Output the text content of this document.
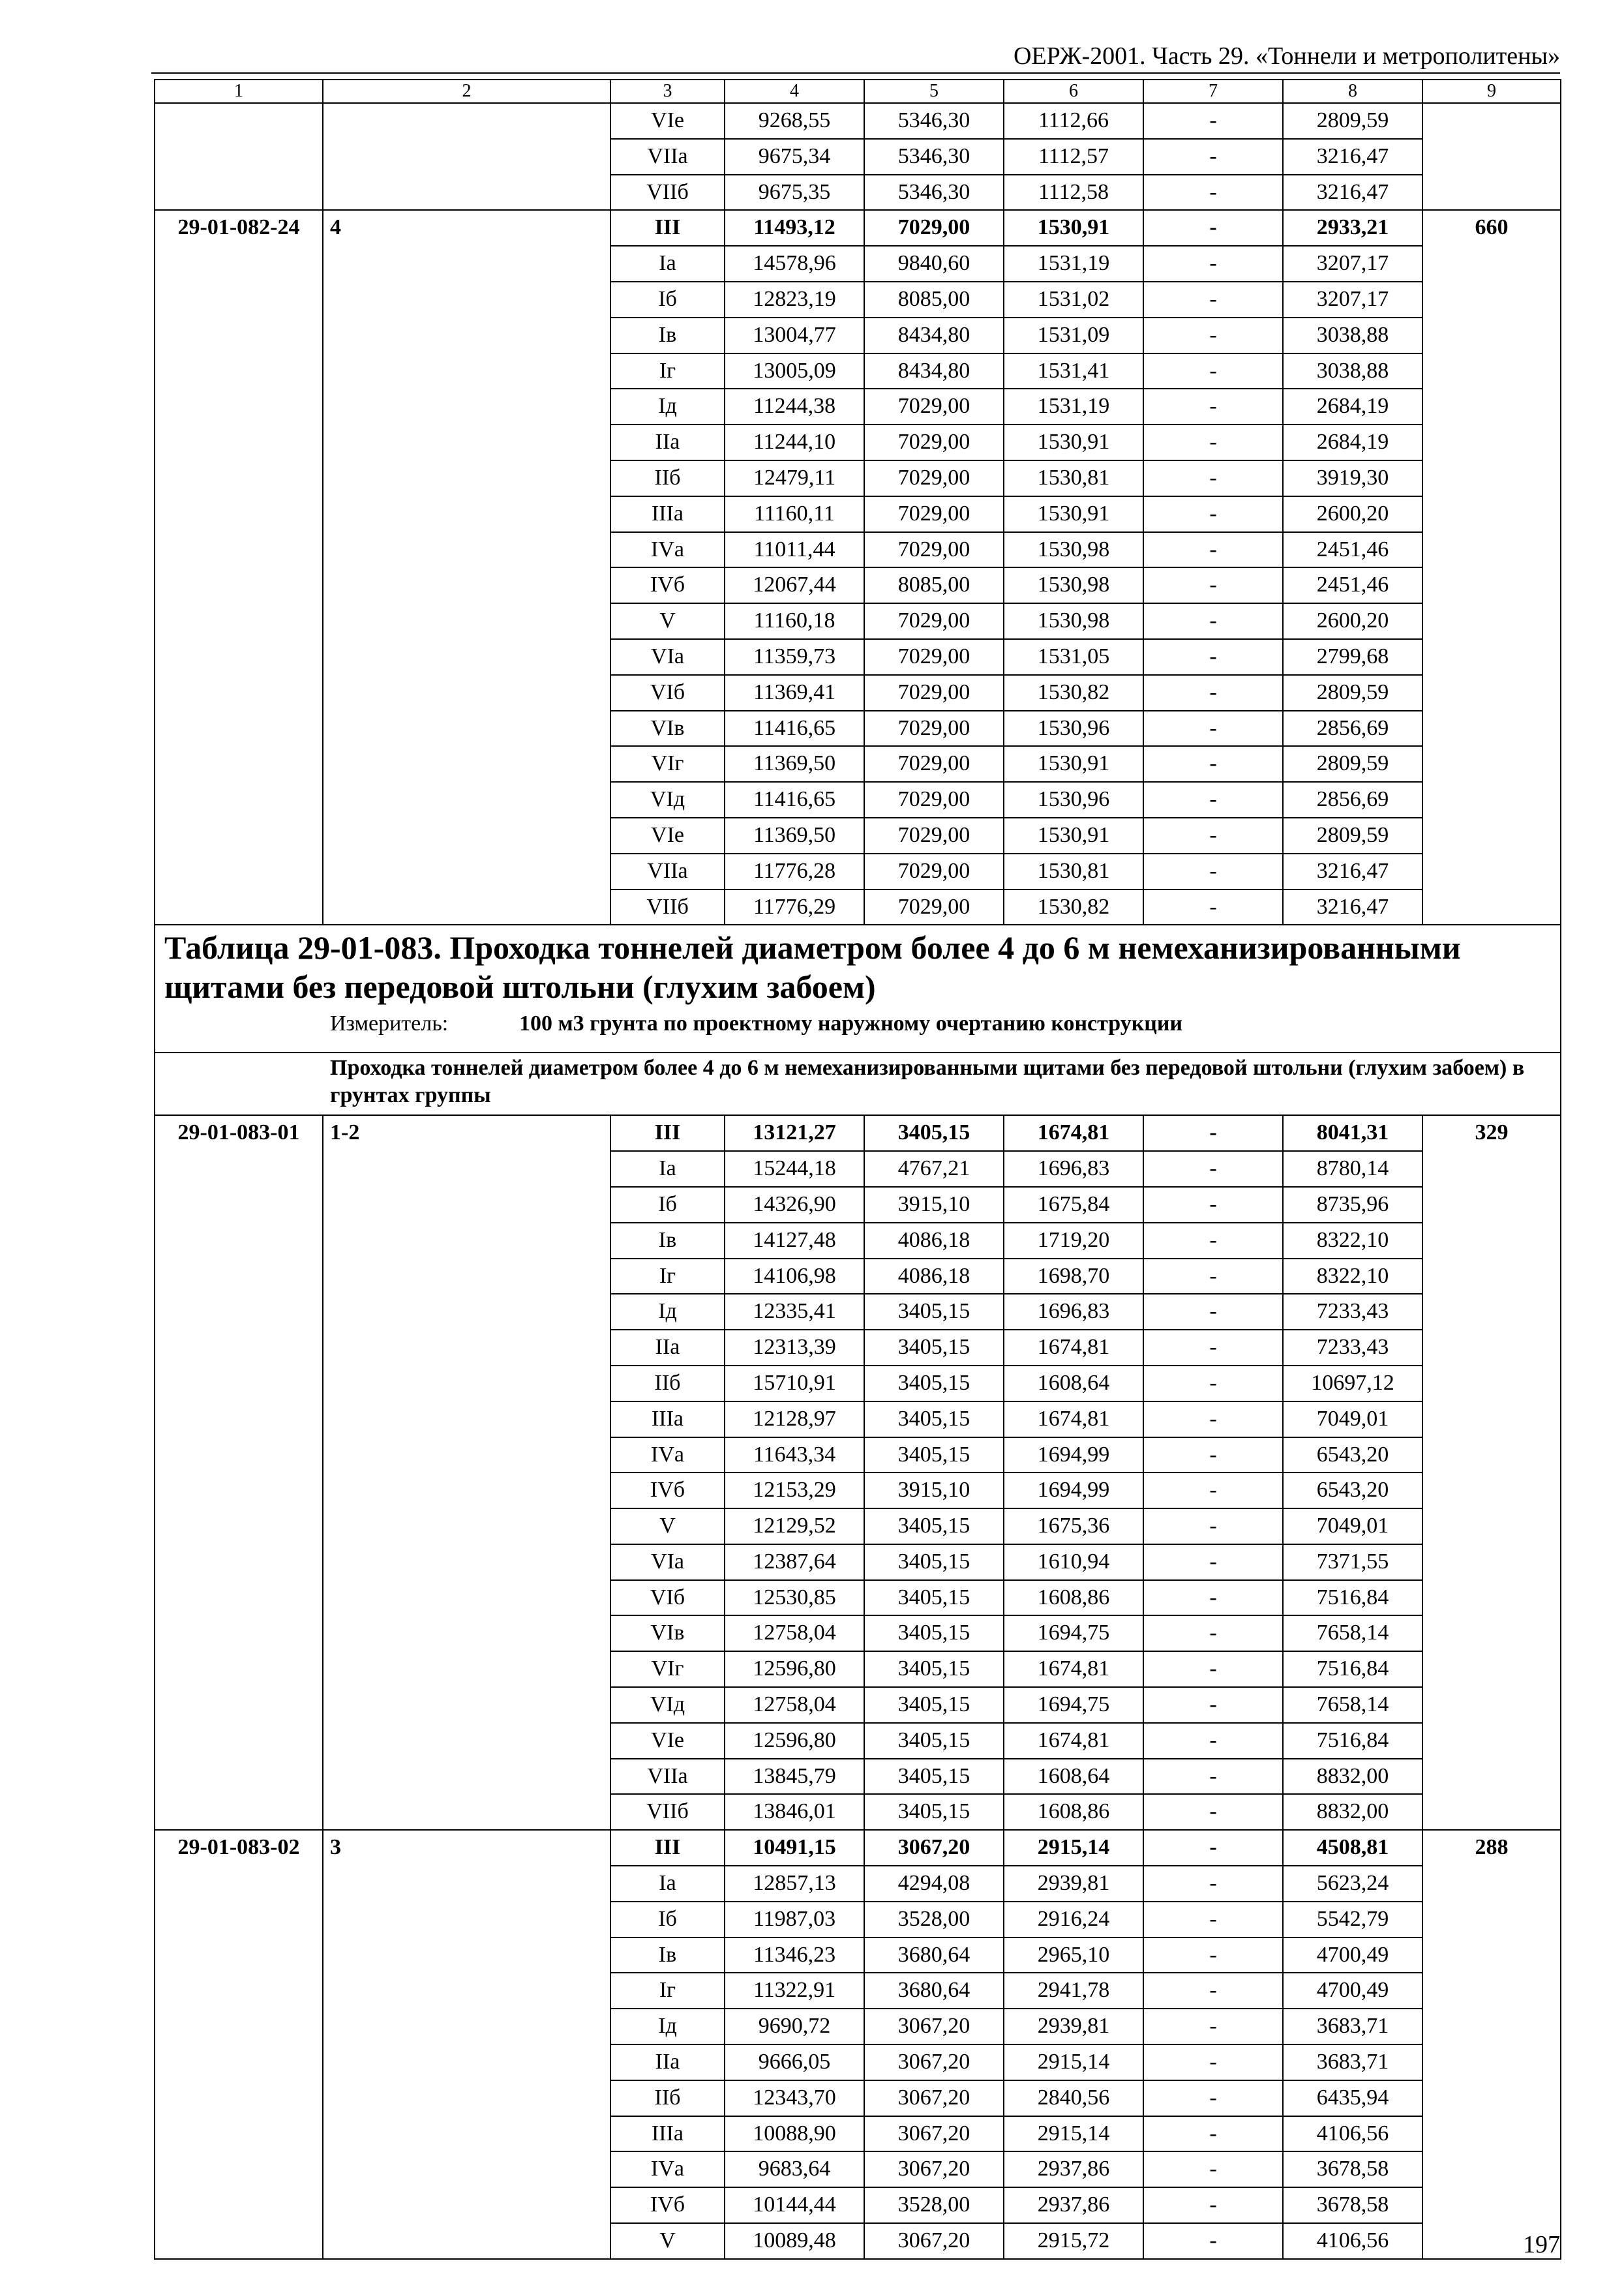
ОЕРЖ-2001. Часть 29. «Тоннели и метрополитены»
1	2	3	4	5	6	7	8	9
		VIе	9268,55	5346,30	1112,66	-	2809,59	
		VIIа	9675,34	5346,30	1112,57	-	3216,47	
		VIIб	9675,35	5346,30	1112,58	-	3216,47	
29-01-082-24	4	III	11493,12	7029,00	1530,91	-	2933,21	660
		Iа	14578,96	9840,60	1531,19	-	3207,17	
		Iб	12823,19	8085,00	1531,02	-	3207,17	
		Iв	13004,77	8434,80	1531,09	-	3038,88	
		Iг	13005,09	8434,80	1531,41	-	3038,88	
		Iд	11244,38	7029,00	1531,19	-	2684,19	
		IIа	11244,10	7029,00	1530,91	-	2684,19	
		IIб	12479,11	7029,00	1530,81	-	3919,30	
		IIIа	11160,11	7029,00	1530,91	-	2600,20	
		IVа	11011,44	7029,00	1530,98	-	2451,46	
		IVб	12067,44	8085,00	1530,98	-	2451,46	
		V	11160,18	7029,00	1530,98	-	2600,20	
		VIа	11359,73	7029,00	1531,05	-	2799,68	
		VIб	11369,41	7029,00	1530,82	-	2809,59	
		VIв	11416,65	7029,00	1530,96	-	2856,69	
		VIг	11369,50	7029,00	1530,91	-	2809,59	
		VIд	11416,65	7029,00	1530,96	-	2856,69	
		VIе	11369,50	7029,00	1530,91	-	2809,59	
		VIIа	11776,28	7029,00	1530,81	-	3216,47	
		VIIб	11776,29	7029,00	1530,82	-	3216,47	

Таблица 29-01-083. Проходка тоннелей диаметром более 4 до 6 м немеханизированными щитами без передовой штольни (глухим забоем)
Измеритель: 100 м3 грунта по проектному наружному очертанию конструкции								

Проходка тоннелей диаметром более 4 до 6 м немеханизированными щитами без передовой штольни (глухим забоем) в грунтах группы								
29-01-083-01	1-2	III	13121,27	3405,15	1674,81	-	8041,31	329
		Iа	15244,18	4767,21	1696,83	-	8780,14	
		Iб	14326,90	3915,10	1675,84	-	8735,96	
		Iв	14127,48	4086,18	1719,20	-	8322,10	
		Iг	14106,98	4086,18	1698,70	-	8322,10	
		Iд	12335,41	3405,15	1696,83	-	7233,43	
		IIа	12313,39	3405,15	1674,81	-	7233,43	
		IIб	15710,91	3405,15	1608,64	-	10697,12	
		IIIа	12128,97	3405,15	1674,81	-	7049,01	
		IVа	11643,34	3405,15	1694,99	-	6543,20	
		IVб	12153,29	3915,10	1694,99	-	6543,20	
		V	12129,52	3405,15	1675,36	-	7049,01	
		VIа	12387,64	3405,15	1610,94	-	7371,55	
		VIб	12530,85	3405,15	1608,86	-	7516,84	
		VIв	12758,04	3405,15	1694,75	-	7658,14	
		VIг	12596,80	3405,15	1674,81	-	7516,84	
		VIд	12758,04	3405,15	1694,75	-	7658,14	
		VIе	12596,80	3405,15	1674,81	-	7516,84	
		VIIа	13845,79	3405,15	1608,64	-	8832,00	
		VIIб	13846,01	3405,15	1608,86	-	8832,00	
29-01-083-02	3	III	10491,15	3067,20	2915,14	-	4508,81	288
		Iа	12857,13	4294,08	2939,81	-	5623,24	
		Iб	11987,03	3528,00	2916,24	-	5542,79	
		Iв	11346,23	3680,64	2965,10	-	4700,49	
		Iг	11322,91	3680,64	2941,78	-	4700,49	
		Iд	9690,72	3067,20	2939,81	-	3683,71	
		IIа	9666,05	3067,20	2915,14	-	3683,71	
		IIб	12343,70	3067,20	2840,56	-	6435,94	
		IIIа	10088,90	3067,20	2915,14	-	4106,56	
		IVа	9683,64	3067,20	2937,86	-	3678,58	
		IVб	10144,44	3528,00	2937,86	-	3678,58	
		V	10089,48	3067,20	2915,72	-	4106,56		197
